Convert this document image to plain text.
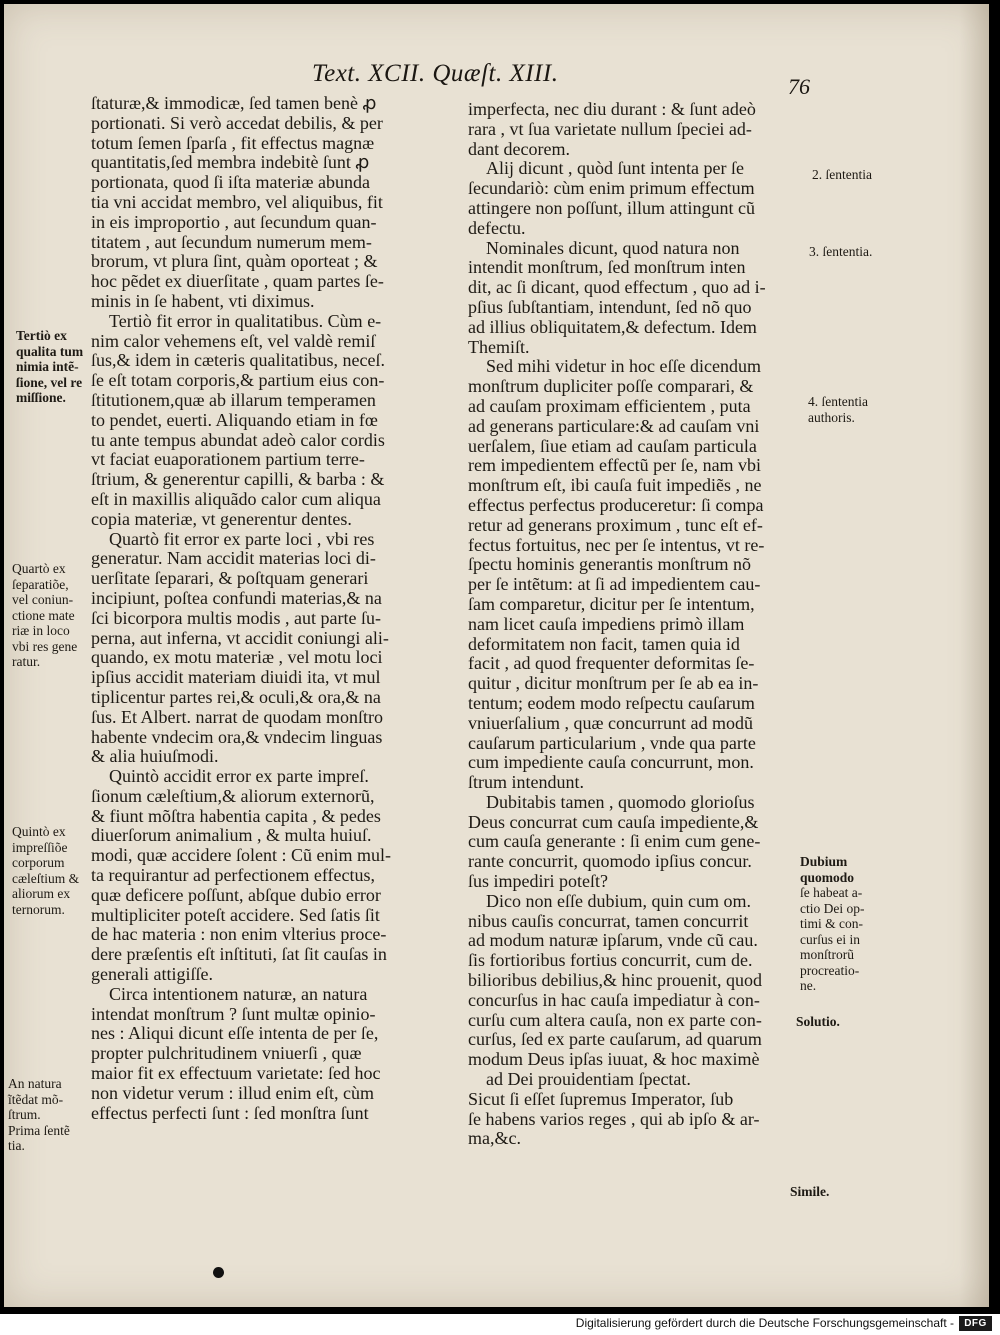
Text. XCII. Quæſt. XIII.	76
ſtaturæ,& immodicæ, ſed tamen benè ꝓ
portionati. Si verò accedat debilis, & per
totum ſemen ſparſa , fit effectus magnæ
quantitatis,ſed membra indebitè ſunt ꝓ
portionata, quod ſi iſta materiæ abunda
tia vni accidat membro, vel aliquibus, fit
in eis improportio , aut ſecundum quan-
titatem , aut ſecundum numerum mem-
brorum, vt plura ſint, quàm oporteat ; &
hoc pẽdet ex diuerſitate , quam partes ſe-
minis in ſe habent, vti diximus.
Tertiò fit error in qualitatibus. Cùm e-
nim calor vehemens eſt, vel valdè remiſ
ſus,& idem in cæteris qualitatibus, neceſ.
ſe eſt totam corporis,& partium eius con-
ſtitutionem,quæ ab illarum temperamen
to pendet, euerti. Aliquando etiam in fœ
tu ante tempus abundat adeò calor cordis
vt faciat euaporationem partium terre-
ſtrium, & generentur capilli, & barba : &
eſt in maxillis aliquãdo calor cum aliqua
copia materiæ, vt generentur dentes.
Quartò fit error ex parte loci , vbi res
generatur. Nam accidit materias loci di-
uerſitate ſeparari, & poſtquam generari
incipiunt, poſtea confundi materias,& na
ſci bicorpora multis modis , aut parte ſu-
perna, aut inferna, vt accidit coniungi ali-
quando, ex motu materiæ , vel motu loci
ipſius accidit materiam diuidi ita, vt mul
tiplicentur partes rei,& oculi,& ora,& na
ſus. Et Albert. narrat de quodam monſtro
habente vndecim ora,& vndecim linguas
& alia huiuſmodi.
Quintò accidit error ex parte impreſ.
ſionum cæleſtium,& aliorum externorũ,
& fiunt mõſtra habentia capita , & pedes
diuerſorum animalium , & multa huiuſ.
modi, quæ accidere ſolent : Cũ enim mul-
ta requirantur ad perfectionem effectus,
quæ deficere poſſunt, abſque dubio error
multipliciter poteſt accidere. Sed ſatis ſit
de hac materia : non enim vlterius proce-
dere præſentis eſt inſtituti, ſat ſit cauſas in
generali attigiſſe.
Circa intentionem naturæ, an natura
intendat monſtrum ? ſunt multæ opinio-
nes : Aliqui dicunt eſſe intenta de per ſe,
propter pulchritudinem vniuerſi , quæ
maior fit ex effectuum varietate: ſed hoc
non videtur verum : illud enim eſt, cùm
effectus perfecti ſunt : ſed monſtra ſunt
imperfecta, nec diu durant : & ſunt adeò
rara , vt ſua varietate nullum ſpeciei ad-
dant decorem.
Alij dicunt , quòd ſunt intenta per ſe
ſecundariò: cùm enim primum effectum
attingere non poſſunt, illum attingunt cũ
defectu.
Nominales dicunt, quod natura non
intendit monſtrum, ſed monſtrum inten
dit, ac ſi dicant, quod effectum , quo ad i-
pſius ſubſtantiam, intendunt, ſed nõ quo
ad illius obliquitatem,& defectum. Idem
Themiſt.
Sed mihi videtur in hoc eſſe dicendum
monſtrum dupliciter poſſe comparari, &
ad cauſam proximam efficientem , puta
ad generans particulare:& ad cauſam vni
uerſalem, ſiue etiam ad cauſam particula
rem impedientem effectũ per ſe, nam vbi
monſtrum eſt, ibi cauſa fuit impediẽs , ne
effectus perfectus produceretur: ſi compa
retur ad generans proximum , tunc eſt ef-
fectus fortuitus, nec per ſe intentus, vt re-
ſpectu hominis generantis monſtrum nõ
per ſe intẽtum: at ſi ad impedientem cau-
ſam comparetur, dicitur per ſe intentum,
nam licet cauſa impediens primò illam
deformitatem non facit, tamen quia id
facit , ad quod frequenter deformitas ſe-
quitur , dicitur monſtrum per ſe ab ea in-
tentum; eodem modo reſpectu cauſarum
vniuerſalium , quæ concurrunt ad modũ
cauſarum particularium , vnde qua parte
cum impediente cauſa concurrunt, mon.
ſtrum intendunt.
Dubitabis tamen , quomodo glorioſus
Deus concurrat cum cauſa impediente,&
cum cauſa generante : ſi enim cum gene-
rante concurrit, quomodo ipſius concur.
ſus impediri poteſt?
Dico non eſſe dubium, quin cum om.
nibus cauſis concurrat, tamen concurrit
ad modum naturæ ipſarum, vnde cũ cau.
ſis fortioribus fortius concurrit, cum de.
bilioribus debilius,& hinc prouenit, quod
concurſus in hac cauſa impediatur à con-
curſu cum altera cauſa, non ex parte con-
curſus, ſed ex parte cauſarum, ad quarum
modum Deus ipſas iuuat, & hoc maximè
ad Dei prouidentiam ſpectat.
Sicut ſi eſſet ſupremus Imperator, ſub
ſe habens varios reges , qui ab ipſo & ar-
ma,&c.
Tertiò ex
qualita tum
nimia intẽ-
ſione, vel re
miſſione.
Quartò ex
ſeparatiõe,
vel coniun-
ctione mate
riæ in loco
vbi res gene
ratur.
Quintò ex
impreſſiõe
corporum
cæleſtium &
aliorum ex
ternorum.
An natura
ĩtẽdat mõ-
ſtrum.
Prima ſentẽ
tia.
2. ſententia
3. ſententia.
4. ſententia
authoris.
Dubium
quomodo
ſe habeat a-
ctio Dei op-
timi & con-
curſus ei in
monſtrorũ
procreatio-
ne.
Solutio.
Simile.
Digitalisierung gefördert durch die Deutsche Forschungsgemeinschaft -	DFG
